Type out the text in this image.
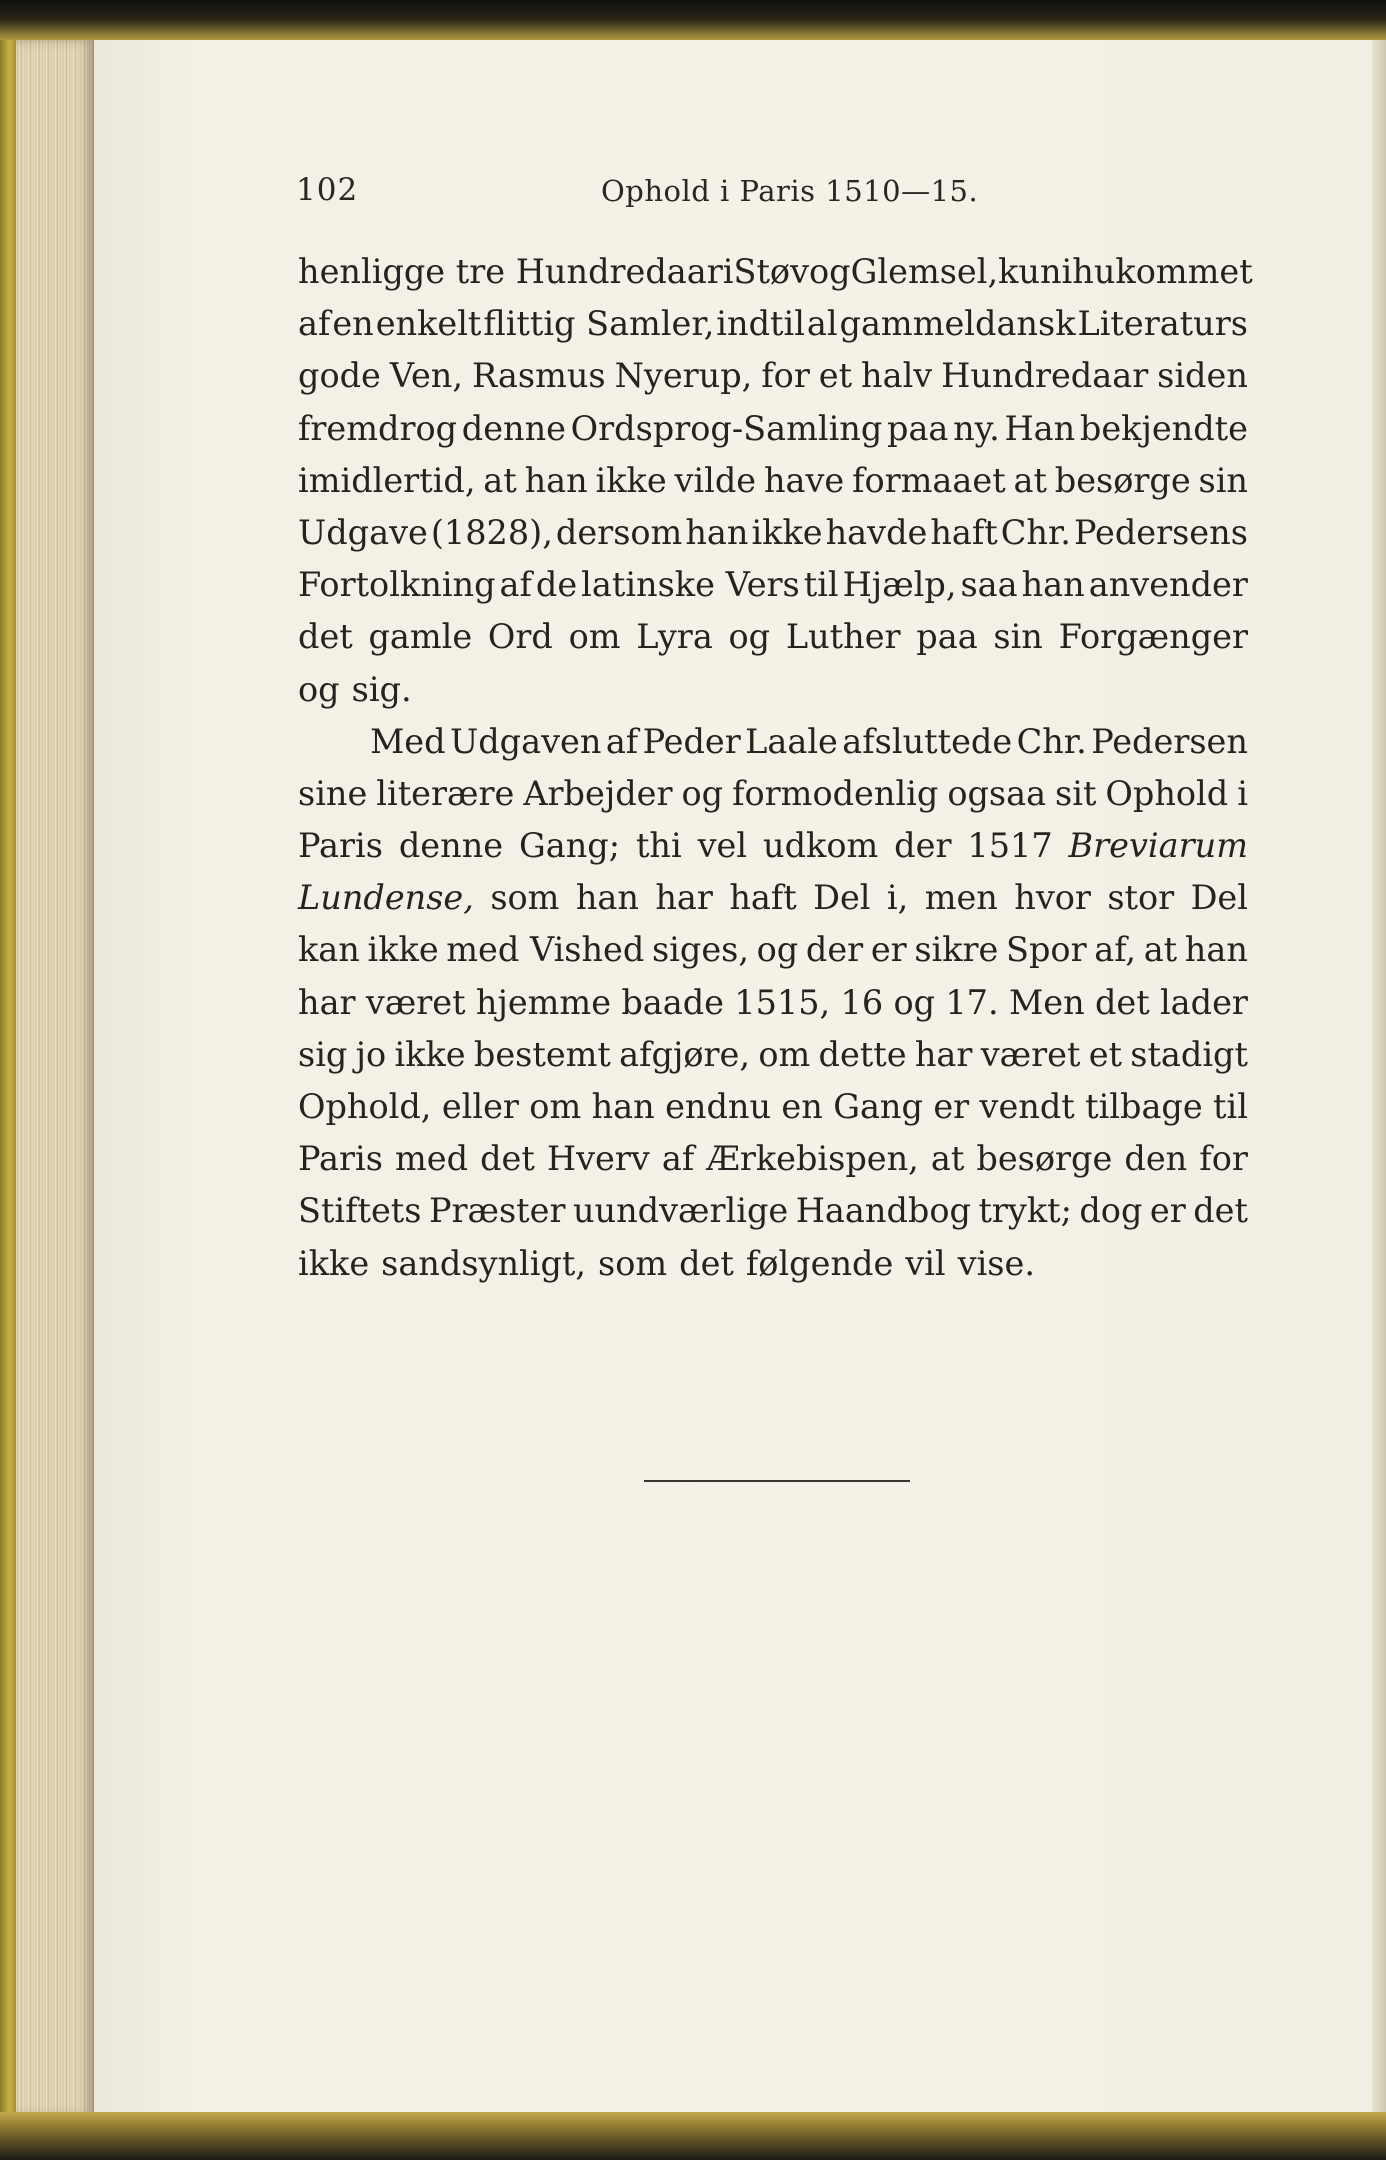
102	Ophold i Paris 1510—15.
henligge tre Hundredaar i Støv og Glemsel, kun ihukommet
af en enkelt flittig Samler, indtil al gammeldansk Literaturs
gode Ven, Rasmus Nyerup, for et halv Hundredaar siden
fremdrog denne Ordsprog-Samling paa ny. Han bekjendte
imidlertid, at han ikke vilde have formaaet at besørge sin
Udgave (1828), dersom han ikke havde haft Chr. Pedersens
Fortolkning af de latinske Vers til Hjælp, saa han anvender
det gamle Ord om Lyra og Luther paa sin Forgænger
og sig.
Med Udgaven af Peder Laale afsluttede Chr. Pedersen
sine literære Arbejder og formodenlig ogsaa sit Ophold i
Paris denne Gang; thi vel udkom der 1517 Breviarum
Lundense, som han har haft Del i, men hvor stor Del
kan ikke med Vished siges, og der er sikre Spor af, at han
har været hjemme baade 1515, 16 og 17. Men det lader
sig jo ikke bestemt afgjøre, om dette har været et stadigt
Ophold, eller om han endnu en Gang er vendt tilbage til
Paris med det Hverv af Ærkebispen, at besørge den for
Stiftets Præster uundværlige Haandbog trykt; dog er det
ikke sandsynligt, som det følgende vil vise.
